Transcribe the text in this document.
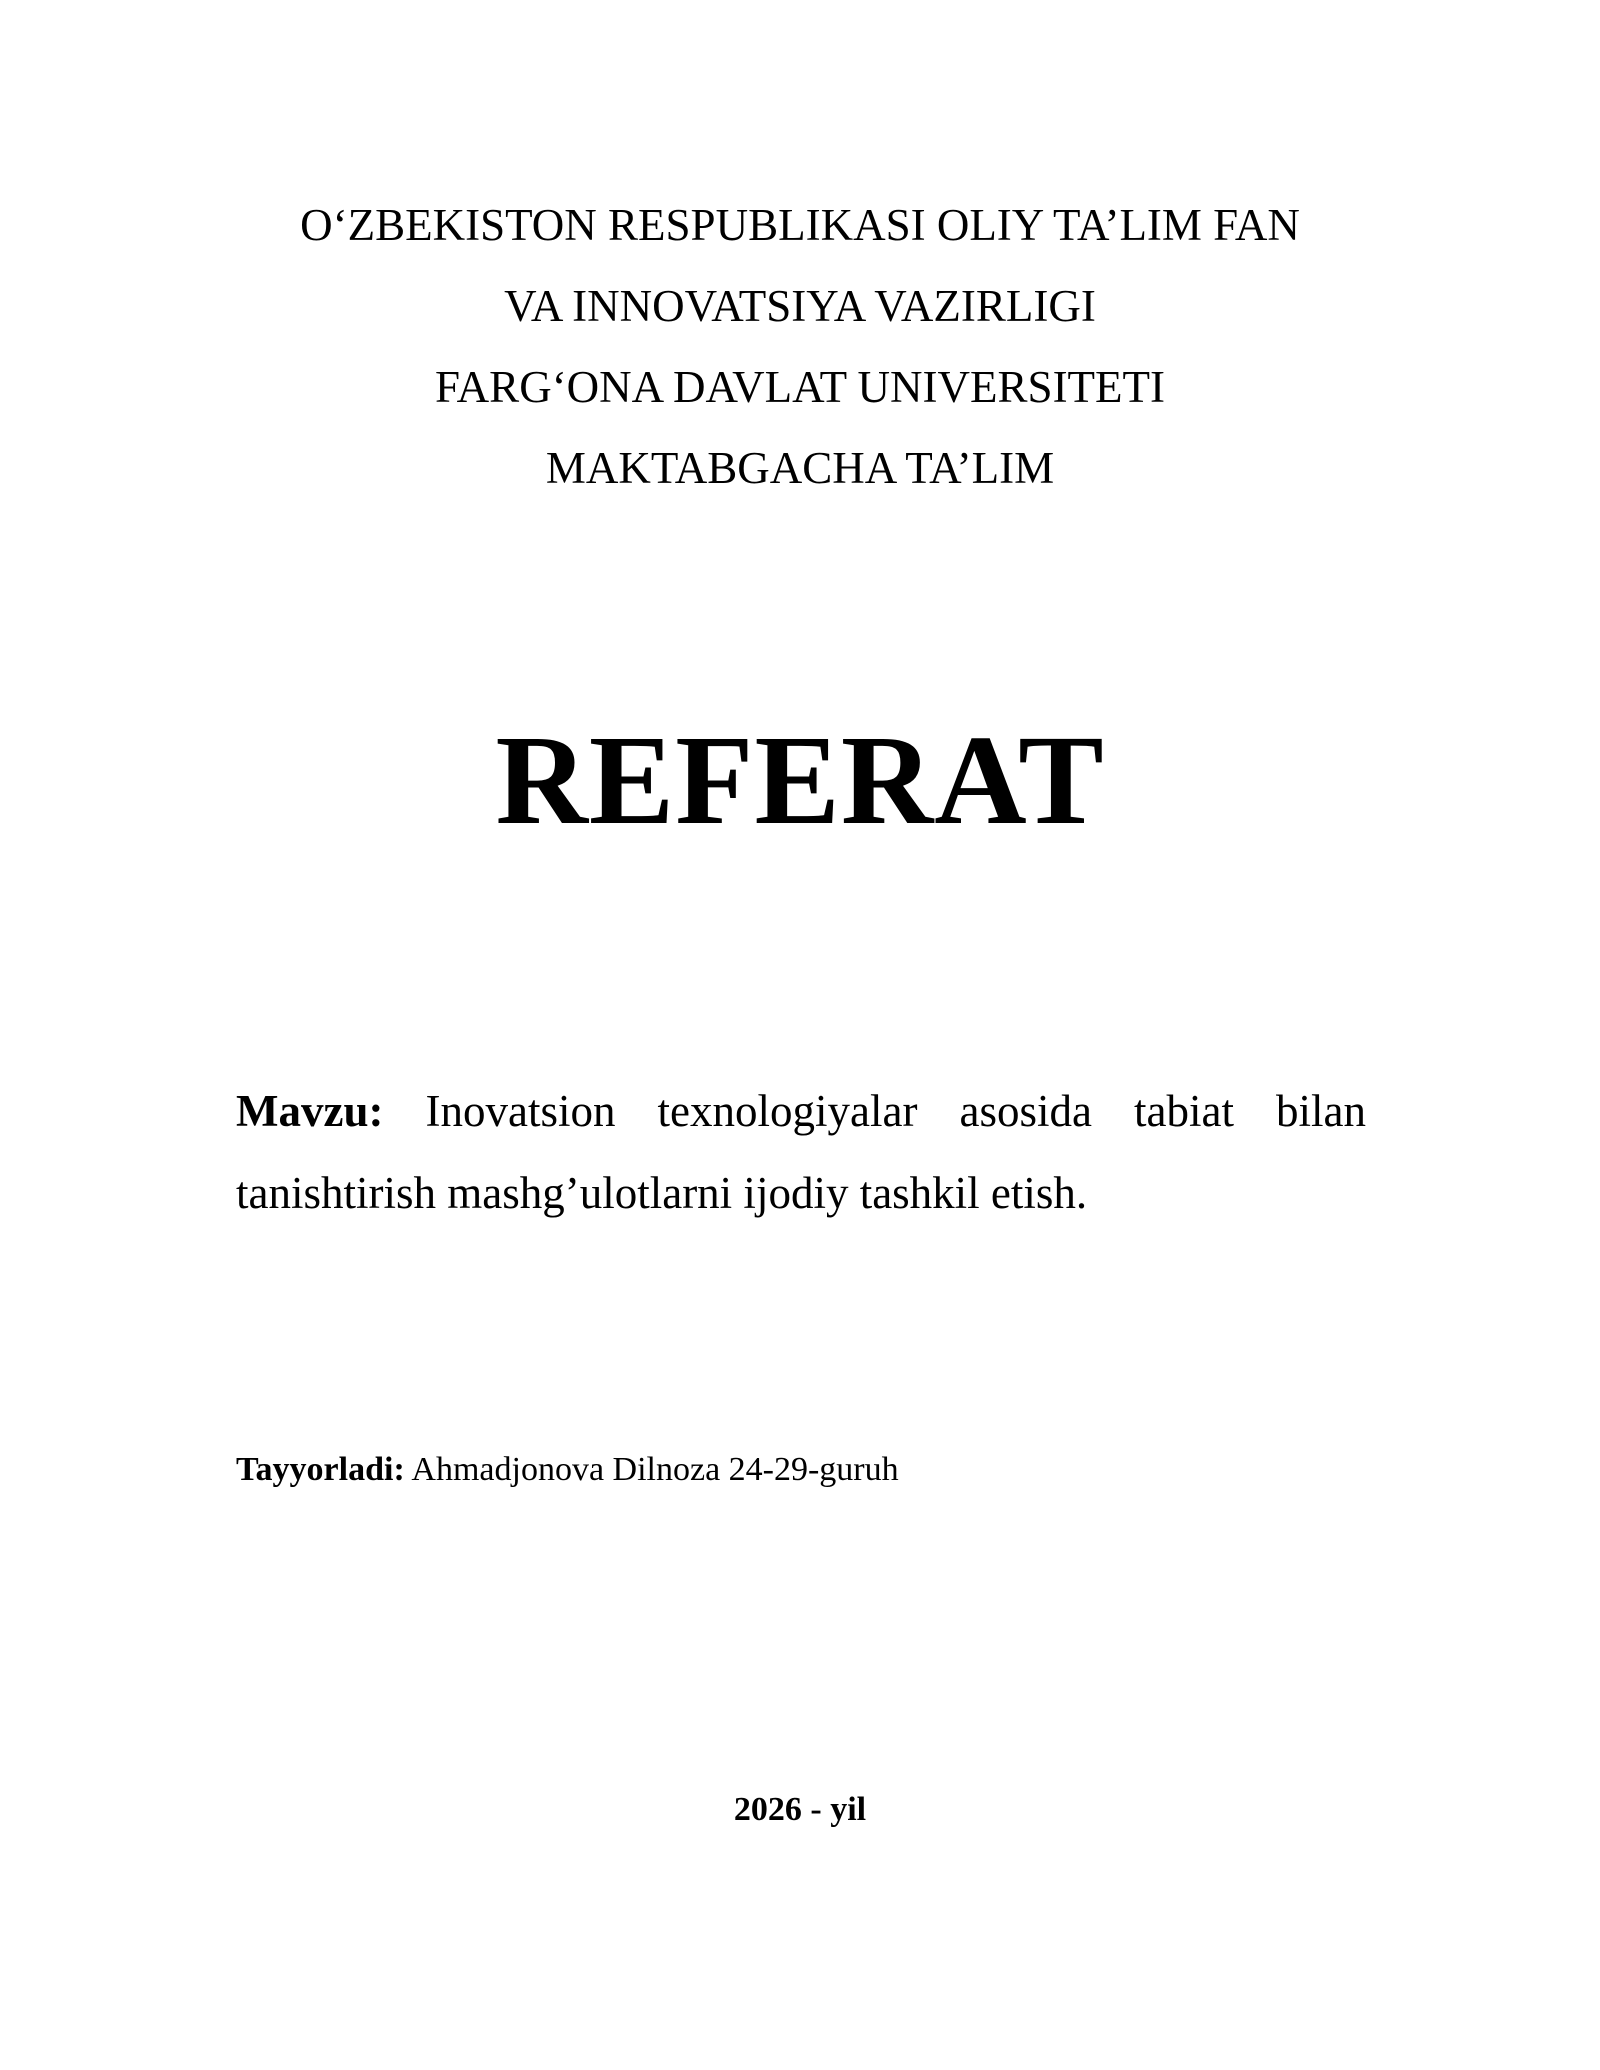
O‘ZBEKISTON RESPUBLIKASI OLIY TA’LIM FAN
VA INNOVATSIYA VAZIRLIGI
FARG‘ONA DAVLAT UNIVERSITETI
MAKTABGACHA TA’LIM
REFERAT
Mavzu: Inovatsion texnologiyalar asosida tabiat bilan
tanishtirish mashg’ulotlarni ijodiy tashkil etish.
Tayyorladi: Ahmadjonova Dilnoza 24-29-guruh
2026 - yil
